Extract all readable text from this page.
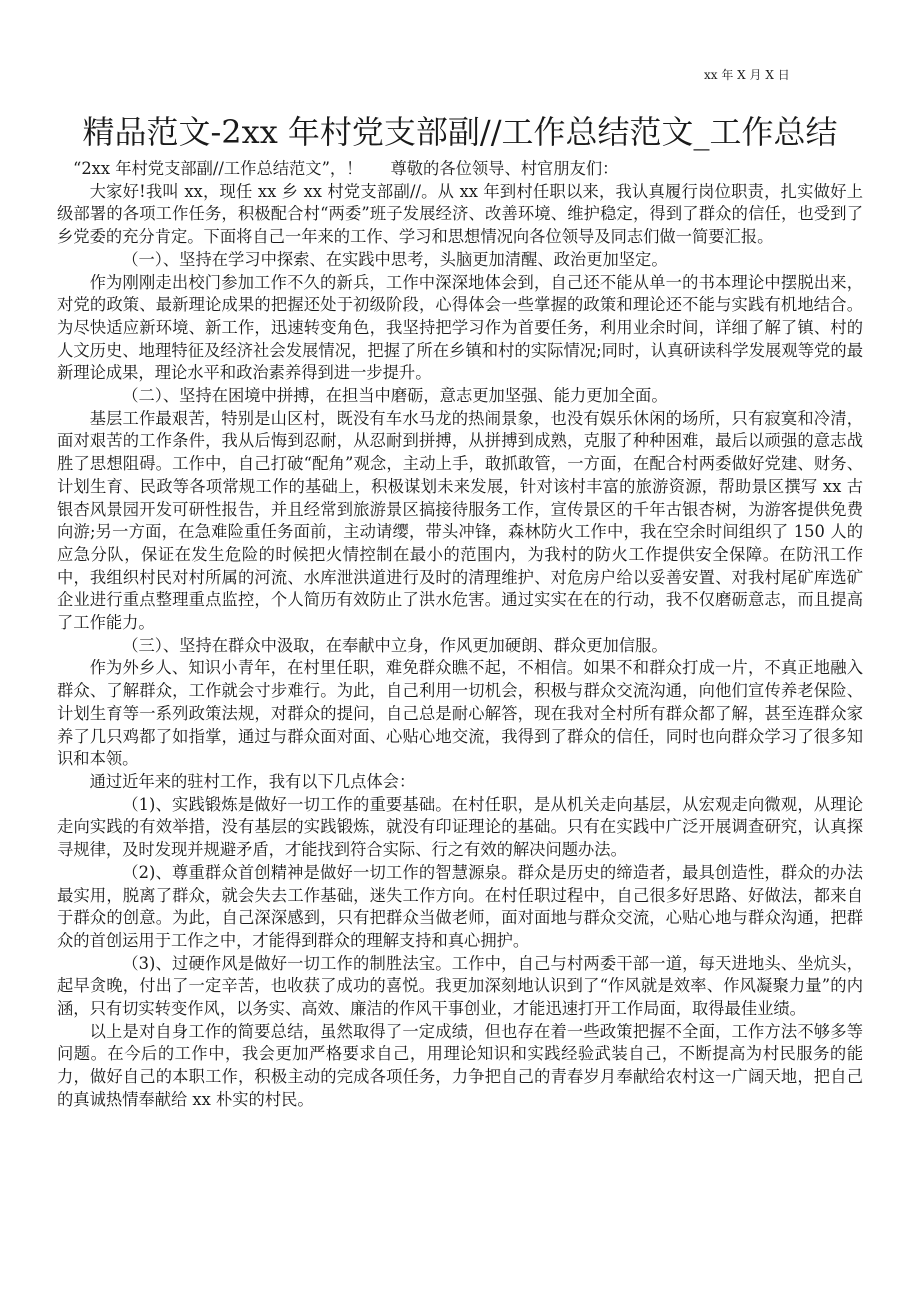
xx 年 X 月 X 日
精品范文-2xx 年村党支部副//工作总结范文_工作总结

“2xx 年村党支部副//工作总结范文”，！ 尊敬的各位领导、村官朋友们：

大家好!我叫 xx，现任 xx 乡 xx 村党支部副//。从 xx 年到村任职以来，我认真履行岗位职责，扎实做好上级部署的各项工作任务，积极配合村“两委”班子发展经济、改善环境、维护稳定，得到了群众的信任，也受到了乡党委的充分肯定。下面将自己一年来的工作、学习和思想情况向各位领导及同志们做一简要汇报。

（一）、坚持在学习中探索、在实践中思考，头脑更加清醒、政治更加坚定。

作为刚刚走出校门参加工作不久的新兵，工作中深深地体会到，自己还不能从单一的书本理论中摆脱出来，对党的政策、最新理论成果的把握还处于初级阶段，心得体会一些掌握的政策和理论还不能与实践有机地结合。为尽快适应新环境、新工作，迅速转变角色，我坚持把学习作为首要任务，利用业余时间，详细了解了镇、村的人文历史、地理特征及经济社会发展情况，把握了所在乡镇和村的实际情况;同时，认真研读科学发展观等党的最新理论成果，理论水平和政治素养得到进一步提升。

（二）、坚持在困境中拼搏，在担当中磨砺，意志更加坚强、能力更加全面。

基层工作最艰苦，特别是山区村，既没有车水马龙的热闹景象，也没有娱乐休闲的场所，只有寂寞和冷清，面对艰苦的工作条件，我从后悔到忍耐，从忍耐到拼搏，从拼搏到成熟，克服了种种困难，最后以顽强的意志战胜了思想阻碍。工作中，自己打破“配角”观念，主动上手，敢抓敢管，一方面，在配合村两委做好党建、财务、计划生育、民政等各项常规工作的基础上，积极谋划未来发展，针对该村丰富的旅游资源，帮助景区撰写 xx 古银杏风景园开发可研性报告，并且经常到旅游景区搞接待服务工作，宣传景区的千年古银杏树，为游客提供免费向游;另一方面，在急难险重任务面前，主动请缨，带头冲锋，森林防火工作中，我在空余时间组织了 150 人的应急分队，保证在发生危险的时候把火情控制在最小的范围内，为我村的防火工作提供安全保障。在防汛工作中，我组织村民对村所属的河流、水库泄洪道进行及时的清理维护、对危房户给以妥善安置、对我村尾矿库选矿企业进行重点整理重点监控，个人简历有效防止了洪水危害。通过实实在在的行动，我不仅磨砺意志，而且提高了工作能力。

（三）、坚持在群众中汲取，在奉献中立身，作风更加硬朗、群众更加信服。

作为外乡人、知识小青年，在村里任职，难免群众瞧不起，不相信。如果不和群众打成一片，不真正地融入群众、了解群众，工作就会寸步难行。为此，自己利用一切机会，积极与群众交流沟通，向他们宣传养老保险、计划生育等一系列政策法规，对群众的提问，自己总是耐心解答，现在我对全村所有群众都了解，甚至连群众家养了几只鸡都了如指掌，通过与群众面对面、心贴心地交流，我得到了群众的信任，同时也向群众学习了很多知识和本领。

通过近年来的驻村工作，我有以下几点体会：

（1)、实践锻炼是做好一切工作的重要基础。在村任职，是从机关走向基层，从宏观走向微观，从理论走向实践的有效举措，没有基层的实践锻炼，就没有印证理论的基础。只有在实践中广泛开展调查研究，认真探寻规律，及时发现并规避矛盾，才能找到符合实际、行之有效的解决问题办法。

（2)、尊重群众首创精神是做好一切工作的智慧源泉。群众是历史的缔造者，最具创造性，群众的办法最实用，脱离了群众，就会失去工作基础，迷失工作方向。在村任职过程中，自己很多好思路、好做法，都来自于群众的创意。为此，自己深深感到，只有把群众当做老师，面对面地与群众交流，心贴心地与群众沟通，把群众的首创运用于工作之中，才能得到群众的理解支持和真心拥护。

（3)、过硬作风是做好一切工作的制胜法宝。工作中，自己与村两委干部一道，每天进地头、坐炕头，起早贪晚，付出了一定辛苦，也收获了成功的喜悦。我更加深刻地认识到了“作风就是效率、作风凝聚力量”的内涵，只有切实转变作风，以务实、高效、廉洁的作风干事创业，才能迅速打开工作局面，取得最佳业绩。

以上是对自身工作的简要总结，虽然取得了一定成绩，但也存在着一些政策把握不全面，工作方法不够多等问题。在今后的工作中，我会更加严格要求自己，用理论知识和实践经验武装自己，不断提高为村民服务的能力，做好自己的本职工作，积极主动的完成各项任务，力争把自己的青春岁月奉献给农村这一广阔天地，把自己的真诚热情奉献给 xx 朴实的村民。
